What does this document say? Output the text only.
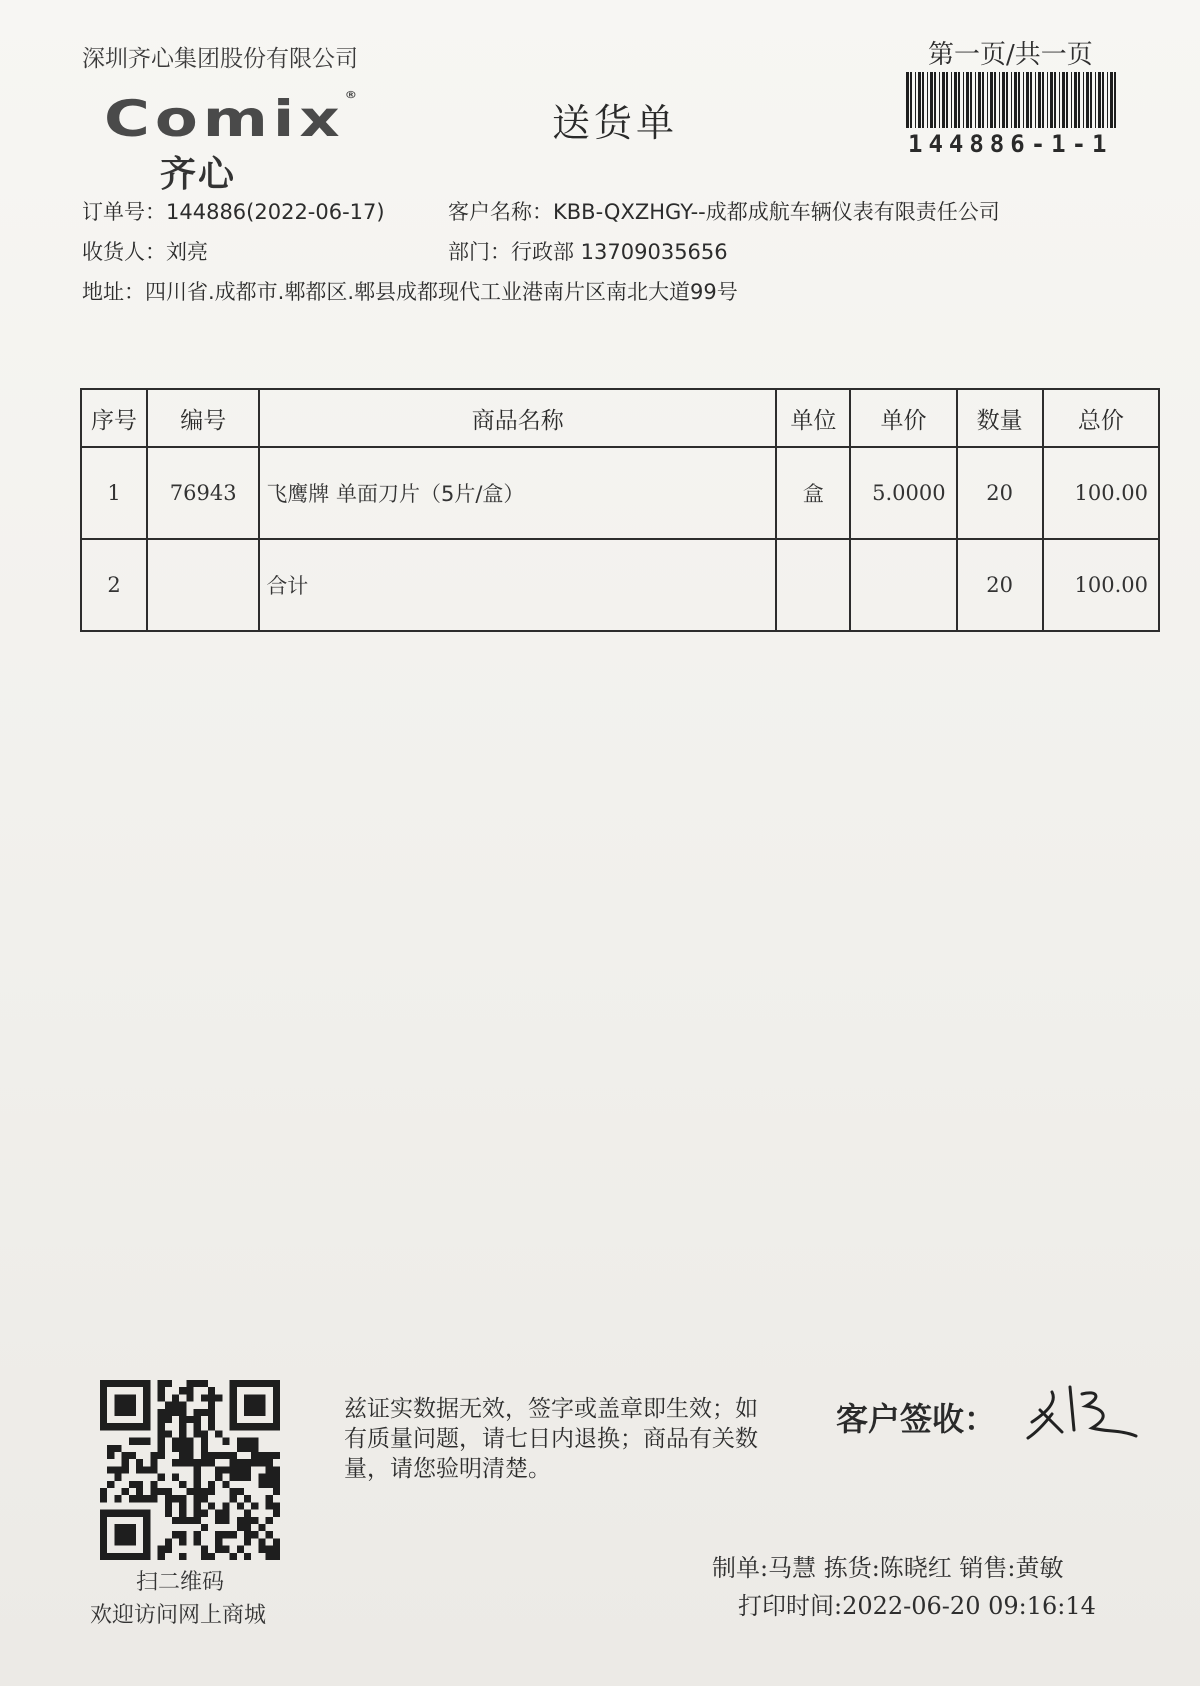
深圳齐心集团股份有限公司
Comix®
齐心
送货单
第一页/共一页
144886-1-1
订单号：144886(2022-06-17)	客户名称：KBB-QXZHGY--成都成航车辆仪表有限责任公司
收货人：刘亮	部门：行政部 13709035656
地址：四川省.成都市.郫都区.郫县成都现代工业港南片区南北大道99号
序号	编号	商品名称	单位	单价	数量	总价
1	76943	飞鹰牌 单面刀片（5片/盒）	盒	5.0000	20	100.00
2		合计			20	100.00
扫二维码
欢迎访问网上商城
兹证实数据无效，签字或盖章即生效；如有质量问题，请七日内退换；商品有关数量，请您验明清楚。
客户签收：
制单:马慧 拣货:陈晓红 销售:黄敏
打印时间:2022-06-20 09:16:14
